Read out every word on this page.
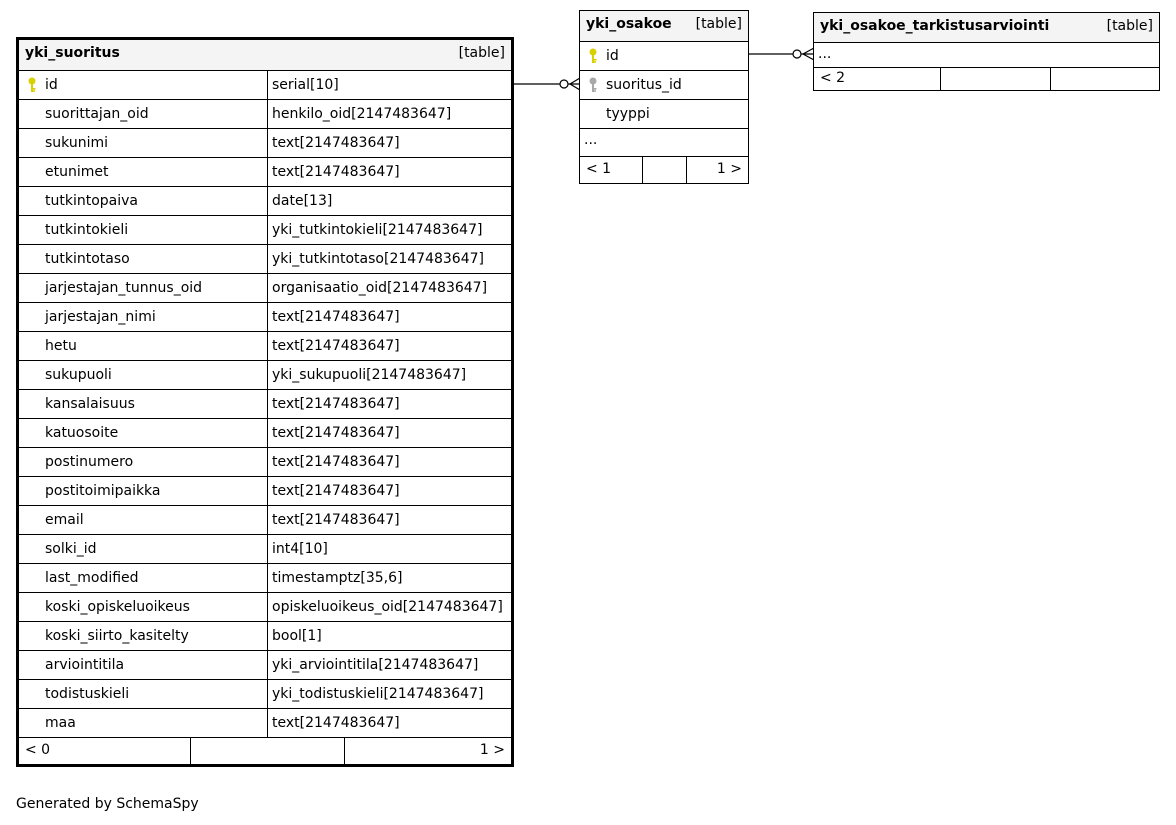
yki_suoritus	[table]
id	serial[10]
suorittajan_oid	henkilo_oid[2147483647]
sukunimi	text[2147483647]
etunimet	text[2147483647]
tutkintopaiva	date[13]
tutkintokieli	yki_tutkintokieli[2147483647]
tutkintotaso	yki_tutkintotaso[2147483647]
jarjestajan_tunnus_oid	organisaatio_oid[2147483647]
jarjestajan_nimi	text[2147483647]
hetu	text[2147483647]
sukupuoli	yki_sukupuoli[2147483647]
kansalaisuus	text[2147483647]
katuosoite	text[2147483647]
postinumero	text[2147483647]
postitoimipaikka	text[2147483647]
email	text[2147483647]
solki_id	int4[10]
last_modified	timestamptz[35,6]
koski_opiskeluoikeus	opiskeluoikeus_oid[2147483647]
koski_siirto_kasitelty	bool[1]
arviointitila	yki_arviointitila[2147483647]
todistuskieli	yki_todistuskieli[2147483647]
maa	text[2147483647]
< 0	1 >
yki_osakoe [table]
id
suoritus_id
tyyppi
...
< 1	1 >
yki_osakoe_tarkistusarviointi	[table]
...
< 2
Generated by SchemaSpy
